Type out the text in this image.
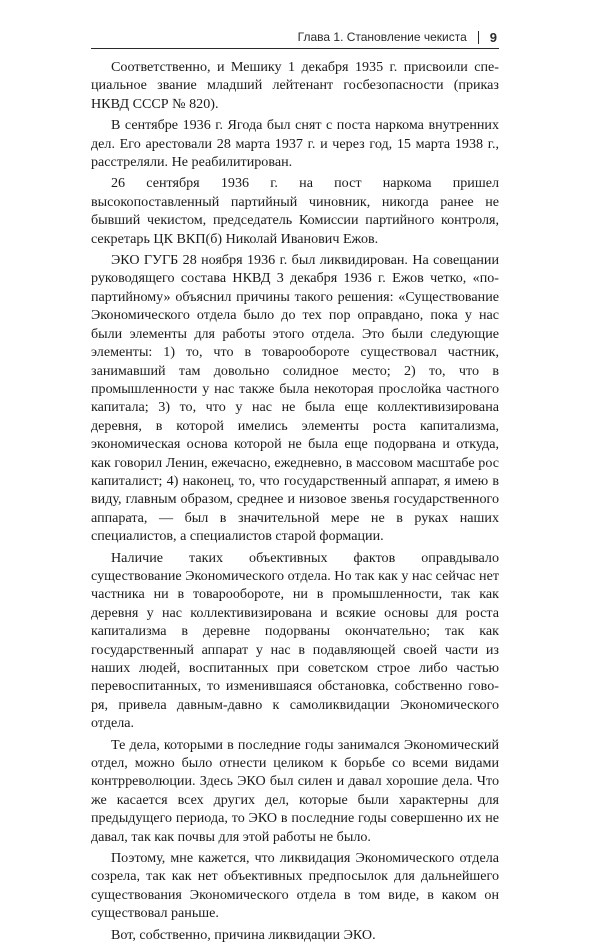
Глава 1. Становление чекиста 9

Соответственно, и Мешику 1 декабря 1935 г. присвоили специальное звание младший лейтенант госбезопасности (приказ НКВД СССР № 820).

В сентябре 1936 г. Ягода был снят с поста наркома внутренних дел. Его арестовали 28 марта 1937 г. и через год, 15 марта 1938 г., расстреляли. Не реабилитирован.

26 сентября 1936 г. на пост наркома пришел высокопоставленный партийный чиновник, никогда ранее не бывший чекистом, председатель Комиссии партийного контроля, секретарь ЦК ВКП(б) Николай Иванович Ежов.

ЭКО ГУГБ 28 ноября 1936 г. был ликвидирован. На совещании руководящего состава НКВД 3 декабря 1936 г. Ежов четко, «по-партийному» объяснил причины такого решения: «Существование Экономического отдела было до тех пор оправдано, пока у нас были элементы для работы этого отдела. Это были следующие элементы: 1) то, что в товарообороте существовал частник, занимавший там довольно солидное место; 2) то, что в промышленности у нас также была некоторая прослойка частного капитала; 3) то, что у нас не была еще коллективизирована деревня, в которой имелись элементы роста капитализма, экономическая основа которой не была еще подорвана и откуда, как говорил Ленин, ежечасно, ежедневно, в массовом масштабе рос капиталист; 4) наконец, то, что государственный аппарат, я имею в виду, главным образом, среднее и низовое звенья государственного аппарата, — был в значительной мере не в руках наших специалистов, а специалистов старой формации.

Наличие таких объективных фактов оправдывало существование Экономического отдела. Но так как у нас сейчас нет частника ни в товарообороте, ни в промышленности, так как деревня у нас коллективизирована и всякие основы для роста капитализма в деревне подорваны окончательно; так как государственный аппарат у нас в подавляющей своей части из наших людей, воспитанных при советском строе либо частью перевоспитанных, то изменившаяся обстановка, собственно говоря, привела давным-давно к самоликвидации Экономического отдела.

Те дела, которыми в последние годы занимался Экономический отдел, можно было отнести целиком к борьбе со всеми видами контрреволюции. Здесь ЭКО был силен и давал хорошие дела. Что же касается всех других дел, которые были характерны для предыдущего периода, то ЭКО в последние годы совершенно их не давал, так как почвы для этой работы не было.

Поэтому, мне кажется, что ликвидация Экономического отдела созрела, так как нет объективных предпосылок для дальнейшего существования Экономического отдела в том виде, в каком он существовал раньше.

Вот, собственно, причина ликвидации ЭКО.
